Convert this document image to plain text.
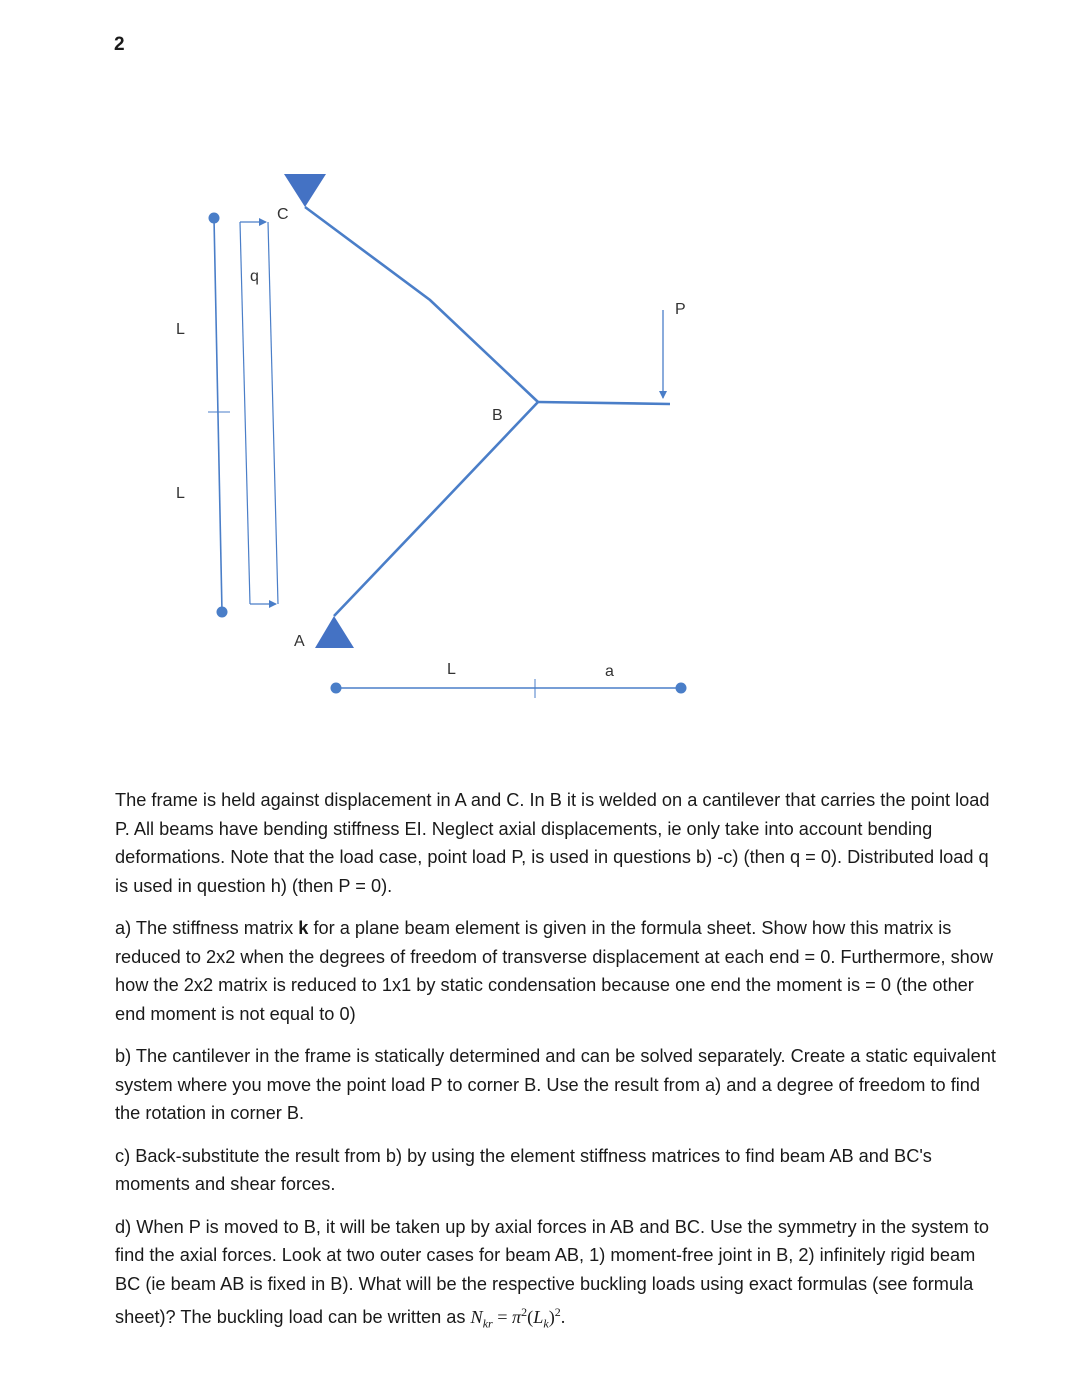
2
C
q
P
L
B
L
A
L	a

The frame is held against displacement in A and C. In B it is welded on a cantilever that carries the point load P. All beams have bending stiffness EI. Neglect axial displacements, ie only take into account bending deformations. Note that the load case, point load P, is used in questions b) -c) (then q = 0). Distributed load q is used in question h) (then P = 0).

a) The stiffness matrix k for a plane beam element is given in the formula sheet. Show how this matrix is reduced to 2x2 when the degrees of freedom of transverse displacement at each end = 0. Furthermore, show how the 2x2 matrix is reduced to 1x1 by static condensation because one end the moment is = 0 (the other end moment is not equal to 0)

b) The cantilever in the frame is statically determined and can be solved separately. Create a static equivalent system where you move the point load P to corner B. Use the result from a) and a degree of freedom to find the rotation in corner B.

c) Back-substitute the result from b) by using the element stiffness matrices to find beam AB and BC's moments and shear forces.

d) When P is moved to B, it will be taken up by axial forces in AB and BC. Use the symmetry in the system to find the axial forces. Look at two outer cases for beam AB, 1) moment-free joint in B, 2) infinitely rigid beam BC (ie beam AB is fixed in B). What will be the respective buckling loads using exact formulas (see formula sheet)? The buckling load can be written as $N_{kr} = \pi^2(L_k)^2$.
